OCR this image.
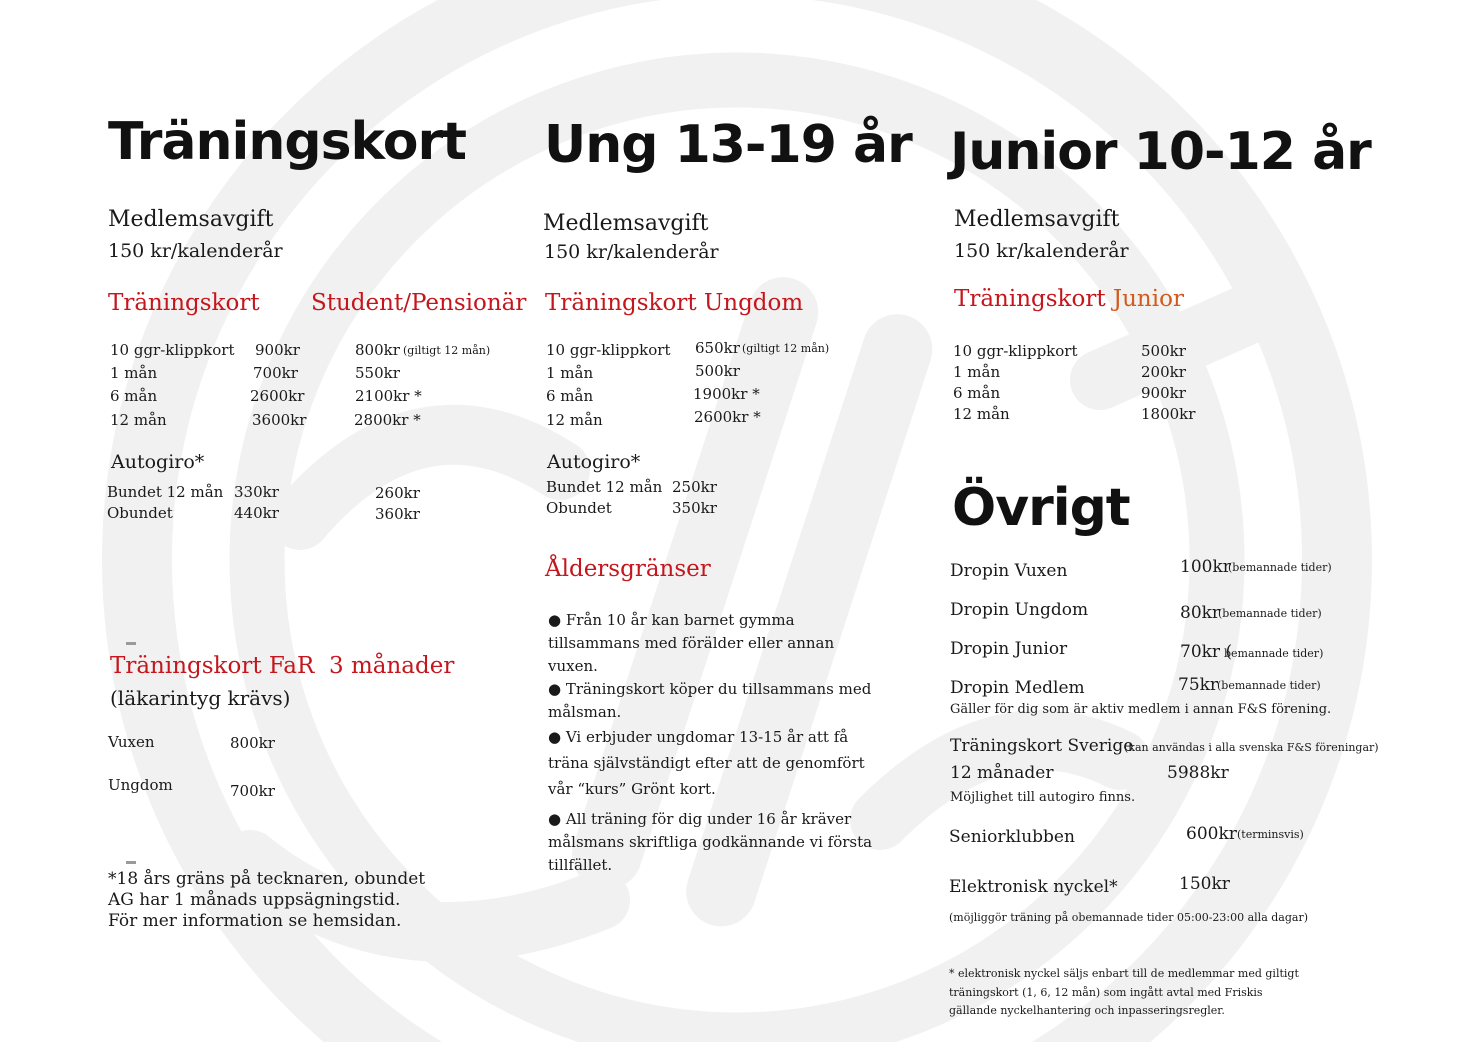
Träningskort
Medlemsavgift
150 kr/kalenderår
Träningskort Student/Pensionär
10 ggr-klippkort 900kr	800kr (giltigt 12 mån)
1 mån	700kr	550kr
6 mån	2600kr	2100kr *
12 mån	3600kr	2800kr *
Autogiro*
Bundet 12 mån 330kr	260kr
Obundet	440kr	360kr
Träningskort FaR 3 månader
(läkarintyg krävs)
Vuxen	800kr
Ungdom	700kr
*18 års gräns på tecknaren, obundet AG har 1 månads uppsägningstid. För mer information se hemsidan.
Ung 13-19 år
Medlemsavgift
150 kr/kalenderår
Träningskort Ungdom
10 ggr-klippkort 650kr (giltigt 12 mån)
1 mån	500kr
6 mån	1900kr *
12 mån	2600kr *
Autogiro*
Bundet 12 mån 250kr
Obundet	350kr
Åldersgränser
● Från 10 år kan barnet gymma tillsammans med förälder eller annan vuxen.
● Träningskort köper du tillsammans med målsman.
● Vi erbjuder ungdomar 13-15 år att få träna självständigt efter att de genomfört vår “kurs” Grönt kort.
● All träning för dig under 16 år kräver målsmans skriftliga godkännande vi första tillfället.
Junior 10-12 år
Medlemsavgift
150 kr/kalenderår
Träningskort Junior
10 ggr-klippkort	500kr
1 mån	200kr
6 mån	900kr
12 mån	1800kr
Övrigt
Dropin Vuxen	100kr
(bemannade tider)
Dropin Ungdom	80kr
(bemannade tider)
Dropin Junior	70kr (
bemannade tider)
Dropin Medlem	75kr
(bemannade tider)
Gäller för dig som är aktiv medlem i annan F&S förening.
Träningskort Sverige
(kan användas i alla svenska F&S föreningar)
12 månader	5988kr
Möjlighet till autogiro finns.
Seniorklubben	600kr (terminsvis)
Elektronisk nyckel*	150kr
(möjliggör träning på obemannade tider 05:00-23:00 alla dagar)
* elektronisk nyckel säljs enbart till de medlemmar med giltigt
träningskort (1, 6, 12 mån) som ingått avtal med Friskis
gällande nyckelhantering och inpasseringsregler.
